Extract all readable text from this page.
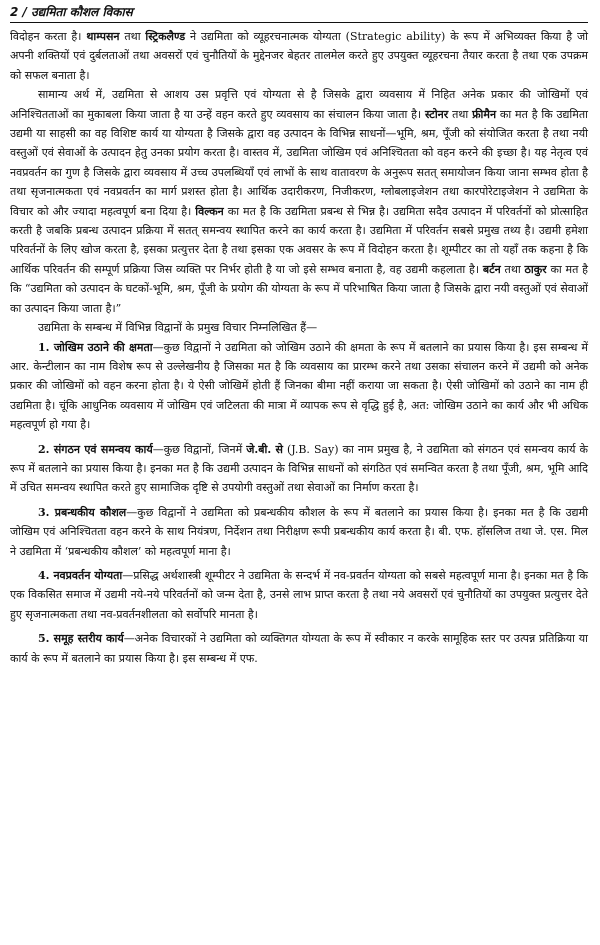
2 / उद्यमिता कौशल विकास

विदोहन करता है। थाम्पसन तथा स्ट्रिकलैण्ड ने उद्यमिता को व्यूहरचनात्मक योग्यता (Strategic ability) के रूप में अभिव्यक्त किया है जो अपनी शक्तियों एवं दुर्बलताओं तथा अवसरों एवं चुनौतियों के मुद्देनजर बेहतर तालमेल करते हुए उपयुक्त व्यूहरचना तैयार करता है तथा एक उपक्रम को सफल बनाता है।

सामान्य अर्थ में, उद्यमिता से आशय उस प्रवृत्ति एवं योग्यता से है जिसके द्वारा व्यवसाय में निहित अनेक प्रकार की जोखिमों एवं अनिश्चितताओं का मुकाबला किया जाता है या उन्हें वहन करते हुए व्यवसाय का संचालन किया जाता है। स्टोनर तथा फ्रीमैन का मत है कि उद्यमिता उद्यमी या साहसी का वह विशिष्ट कार्य या योग्यता है जिसके द्वारा वह उत्पादन के विभिन्न साधनों—भूमि, श्रम, पूँजी को संयोजित करता है तथा नयी वस्तुओं एवं सेवाओं के उत्पादन हेतु उनका प्रयोग करता है। वास्तव में, उद्यमिता जोखिम एवं अनिश्चितता को वहन करने की इच्छा है। यह नेतृत्व एवं नवप्रवर्तन का गुण है जिसके द्वारा व्यवसाय में उच्च उपलब्धियाँ एवं लाभों के साथ वातावरण के अनुरूप सतत् समायोजन किया जाना सम्भव होता है तथा सृजनात्मकता एवं नवप्रवर्तन का मार्ग प्रशस्त होता है। आर्थिक उदारीकरण, निजीकरण, ग्लोबलाइजेशन तथा कारपोरेटाइजेशन ने उद्यमिता के विचार को और ज्यादा महत्वपूर्ण बना दिया है। विल्कन का मत है कि उद्यमिता प्रबन्ध से भिन्न है। उद्यमिता सदैव उत्पादन में परिवर्तनों को प्रोत्साहित करती है जबकि प्रबन्ध उत्पादन प्रक्रिया में सतत् समन्वय स्थापित करने का कार्य करता है। उद्यमिता में परिवर्तन सबसे प्रमुख तथ्य है। उद्यमी हमेशा परिवर्तनों के लिए खोज करता है, इसका प्रत्युत्तर देता है तथा इसका एक अवसर के रूप में विदोहन करता है। शूम्पीटर का तो यहाँ तक कहना है कि आर्थिक परिवर्तन की सम्पूर्ण प्रक्रिया जिस व्यक्ति पर निर्भर होती है या जो इसे सम्भव बनाता है, वह उद्यमी कहलाता है। बर्टन तथा ठाकुर का मत है कि “उद्यमिता को उत्पादन के घटकों-भूमि, श्रम, पूँजी के प्रयोग की योग्यता के रूप में परिभाषित किया जाता है जिसके द्वारा नयी वस्तुओं एवं सेवाओं का उत्पादन किया जाता है।”

उद्यमिता के सम्बन्ध में विभिन्न विद्वानों के प्रमुख विचार निम्नलिखित हैं—

1. जोखिम उठाने की क्षमता—कुछ विद्वानों ने उद्यमिता को जोखिम उठाने की क्षमता के रूप में बतलाने का प्रयास किया है। इस सम्बन्ध में आर. केन्टीलान का नाम विशेष रूप से उल्लेखनीय है जिसका मत है कि व्यवसाय का प्रारम्भ करने तथा उसका संचालन करने में उद्यमी को अनेक प्रकार की जोखिमों को वहन करना होता है। ये ऐसी जोखिमें होती हैं जिनका बीमा नहीं कराया जा सकता है। ऐसी जोखिमों को उठाने का नाम ही उद्यमिता है। चूंकि आधुनिक व्यवसाय में जोखिम एवं जटिलता की मात्रा में व्यापक रूप से वृद्धि हुई है, अत: जोखिम उठाने का कार्य और भी अधिक महत्वपूर्ण हो गया है।

2. संगठन एवं समन्वय कार्य—कुछ विद्वानों, जिनमें जे.बी. से (J.B. Say) का नाम प्रमुख है, ने उद्यमिता को संगठन एवं समन्वय कार्य के रूप में बतलाने का प्रयास किया है। इनका मत है कि उद्यमी उत्पादन के विभिन्न साधनों को संगठित एवं समन्वित करता है तथा पूँजी, श्रम, भूमि आदि में उचित समन्वय स्थापित करते हुए सामाजिक दृष्टि से उपयोगी वस्तुओं तथा सेवाओं का निर्माण करता है।

3. प्रबन्धकीय कौशल—कुछ विद्वानों ने उद्यमिता को प्रबन्धकीय कौशल के रूप में बतलाने का प्रयास किया है। इनका मत है कि उद्यमी जोखिम एवं अनिश्चितता वहन करने के साथ नियंत्रण, निर्देशन तथा निरीक्षण रूपी प्रबन्धकीय कार्य करता है। बी. एफ. हॉसलिज तथा जे. एस. मिल ने उद्यमिता में ‘प्रबन्धकीय कौशल’ को महत्वपूर्ण माना है।

4. नवप्रवर्तन योग्यता—प्रसिद्ध अर्थशास्त्री शूम्पीटर ने उद्यमिता के सन्दर्भ में नव-प्रवर्तन योग्यता को सबसे महत्वपूर्ण माना है। इनका मत है कि एक विकसित समाज में उद्यमी नये-नये परिवर्तनों को जन्म देता है, उनसे लाभ प्राप्त करता है तथा नये अवसरों एवं चुनौतियों का उपयुक्त प्रत्युत्तर देते हुए सृजनात्मकता तथा नव-प्रवर्तनशीलता को सर्वोपरि मानता है।

5. समूह स्तरीय कार्य—अनेक विचारकों ने उद्यमिता को व्यक्तिगत योग्यता के रूप में स्वीकार न करके सामूहिक स्तर पर उत्पन्न प्रतिक्रिया या कार्य के रूप में बतलाने का प्रयास किया है। इस सम्बन्ध में एफ.
